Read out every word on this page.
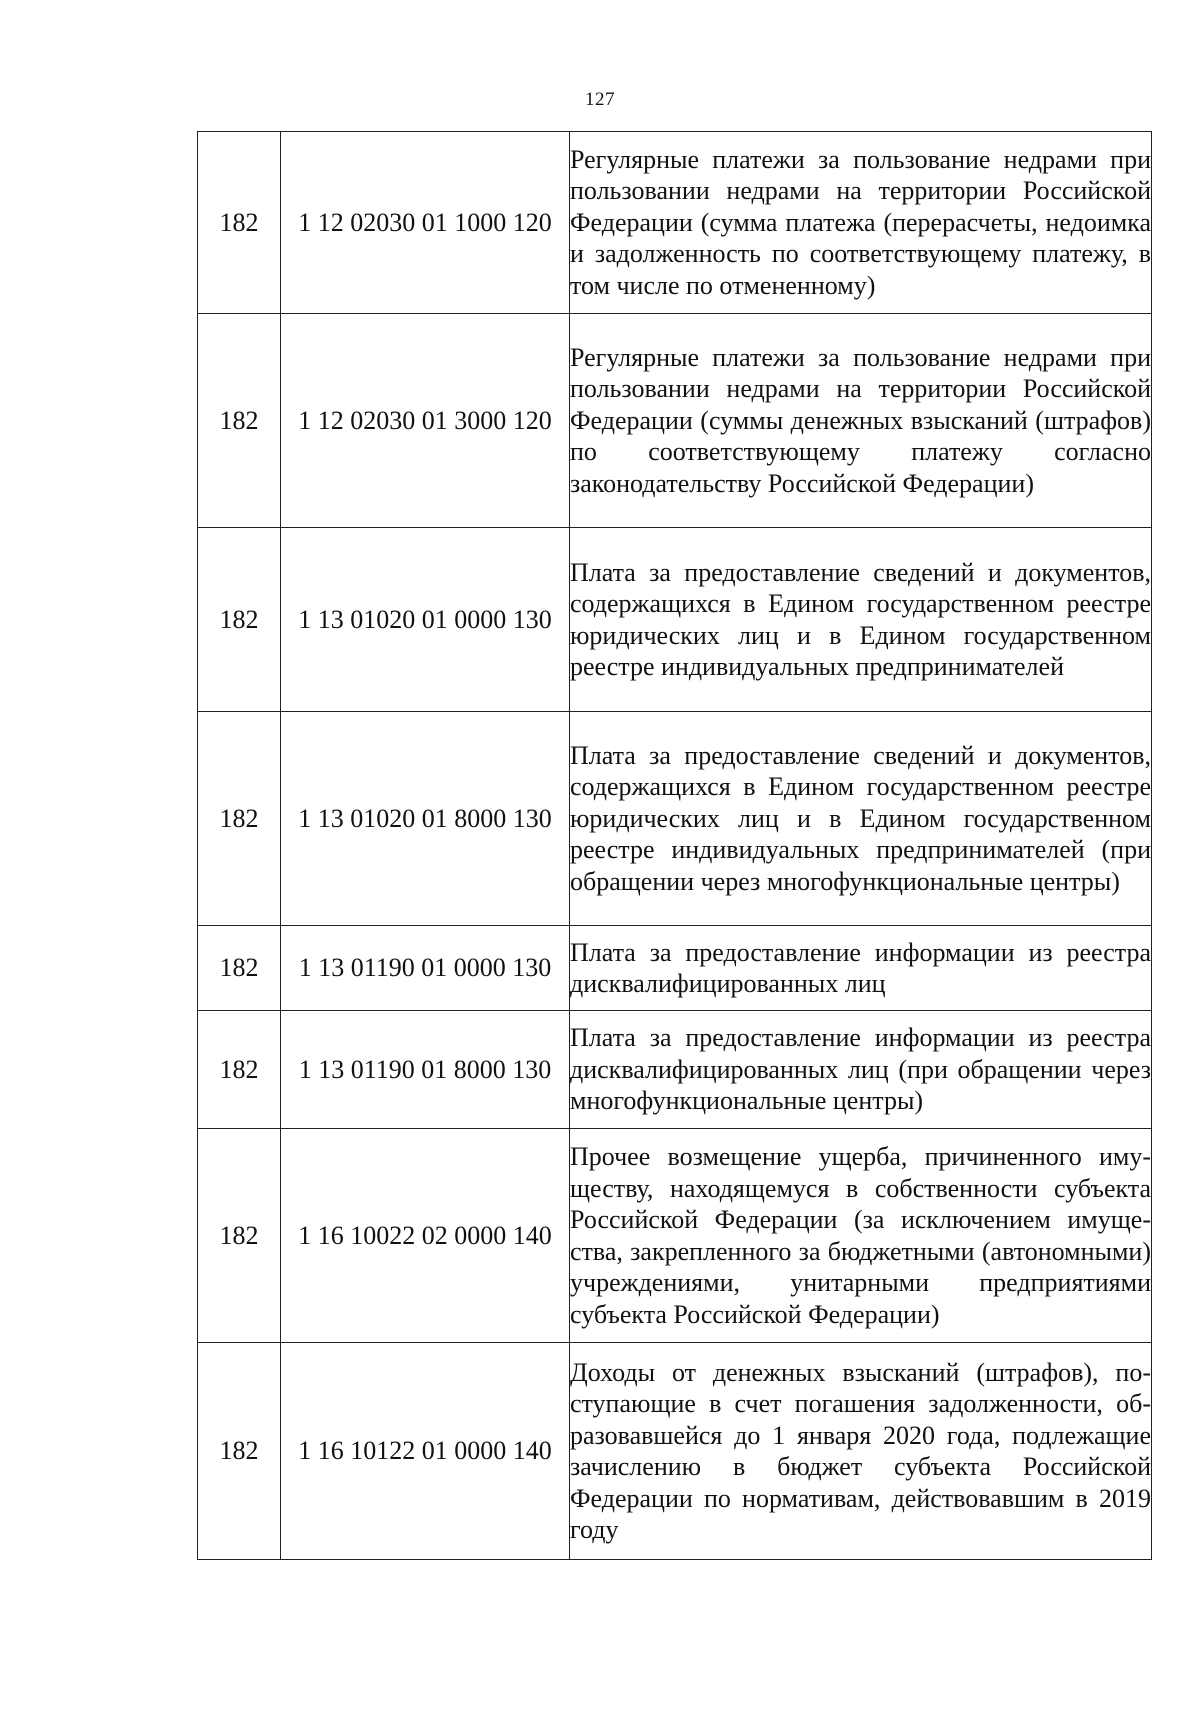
127
182	1 12 02030 01 1000 120	Регулярные платежи за пользование недрами при пользовании недрами на территории Российской Федерации (сумма платежа (перерасчеты, недоимка и задолженность по соответствующему платежу, в том числе по отмененному)
182	1 12 02030 01 3000 120	Регулярные платежи за пользование недрами при пользовании недрами на территории Российской Федерации (суммы денежных взысканий (штрафов) по соответствующему платежу согласно законодательству Российской Федерации)
182	1 13 01020 01 0000 130	Плата за предоставление сведений и документов, содержащихся в Едином государственном реестре юридических лиц и в Едином государственном реестре индивидуальных предпринимателей
182	1 13 01020 01 8000 130	Плата за предоставление сведений и документов, содержащихся в Едином государственном реестре юридических лиц и в Едином государственном реестре индивидуальных предпринимателей (при обращении через многофункциональные центры)
182	1 13 01190 01 0000 130	Плата за предоставление информации из реестра дисквалифицированных лиц
182	1 13 01190 01 8000 130	Плата за предоставление информации из реестра дисквалифицированных лиц (при обращении через многофункциональные центры)
182	1 16 10022 02 0000 140	Прочее возмещение ущерба, причиненного имуществу, находящемуся в собственности субъекта Российской Федерации (за исключением имущества, закрепленного за бюджетными (автономными) учреждениями, унитарными предприятиями субъекта Российской Федерации)
182	1 16 10122 01 0000 140	Доходы от денежных взысканий (штрафов), поступающие в счет погашения задолженности, образовавшейся до 1 января 2020 года, подлежащие зачислению в бюджет субъекта Российской Федерации по нормативам, действовавшим в 2019 году
